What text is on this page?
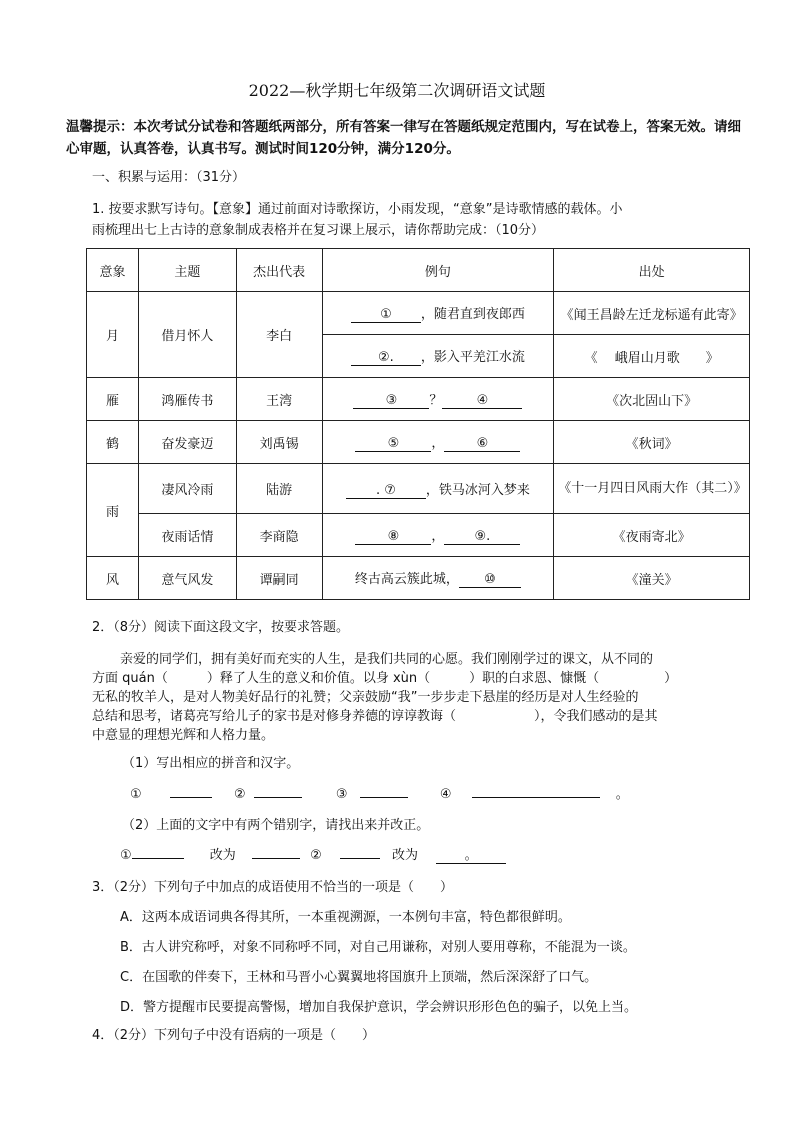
2022—秋学期七年级第二次调研语文试题
温馨提示：本次考试分试卷和答题纸两部分，所有答案一律写在答题纸规定范围内，写在试卷上，答案无效。请细心审题，认真答卷，认真书写。测试时间120分钟，满分120分。
一、积累与运用：（31分）
1. 按要求默写诗句。【意象】通过前面对诗歌探访，小雨发现，“意象”是诗歌情感的载体。小
雨梳理出七上古诗的意象制成表格并在复习课上展示，请你帮助完成：（10分）
意象	主题	杰出代表	例句	出处
月	借月怀人	李白	① ，随君直到夜郎西	《闻王昌龄左迁龙标遥有此寄》
			②. ，影入平羌江水流	《　 峨眉山月歌　　》
雁	鸿雁传书	王湾	③ ？ ④	《次北固山下》
鹤	奋发豪迈	刘禹锡	⑤ ， ⑥	《秋词》
雨	凄风冷雨	陆游	. ⑦ ，铁马冰河入梦来	《十一月四日风雨大作（其二）》
	夜雨话情	李商隐	⑧ ， ⑨.	《夜雨寄北》
风	意气风发	谭嗣同	终古高云簇此城， ⑩	《潼关》
2．（8分）阅读下面这段文字，按要求答题。
亲爱的同学们，拥有美好而充实的人生，是我们共同的心愿。我们刚刚学过的课文，从不同的
方面 quán（　　　）释了人生的意义和价值。以身 xùn（　　　）职的白求恩、慷慨（　　　　　）
无私的牧羊人，是对人物美好品行的礼赞；父亲鼓励“我”一步步走下悬崖的经历是对人生经验的
总结和思考，诸葛亮写给儿子的家书是对修身养德的谆谆教诲（　　　　　　），令我们感动的是其
中意显的理想光辉和人格力量。
（1）写出相应的拼音和汉字。
①	②	③	④	。
（2）上面的文字中有两个错别字，请找出来并改正。
①	改为	②	改为	。
3．（2分）下列句子中加点的成语使用不恰当的一项是（　　）
A．这两本成语词典各得其所，一本重视溯源，一本例句丰富，特色都很鲜明。
B．古人讲究称呼，对象不同称呼不同，对自己用谦称，对别人要用尊称，不能混为一谈。
C．在国歌的伴奏下，王林和马晋小心翼翼地将国旗升上顶端，然后深深舒了口气。
D．警方提醒市民要提高警惕，增加自我保护意识，学会辨识形形色色的骗子，以免上当。
4．（2分）下列句子中没有语病的一项是（　　）
